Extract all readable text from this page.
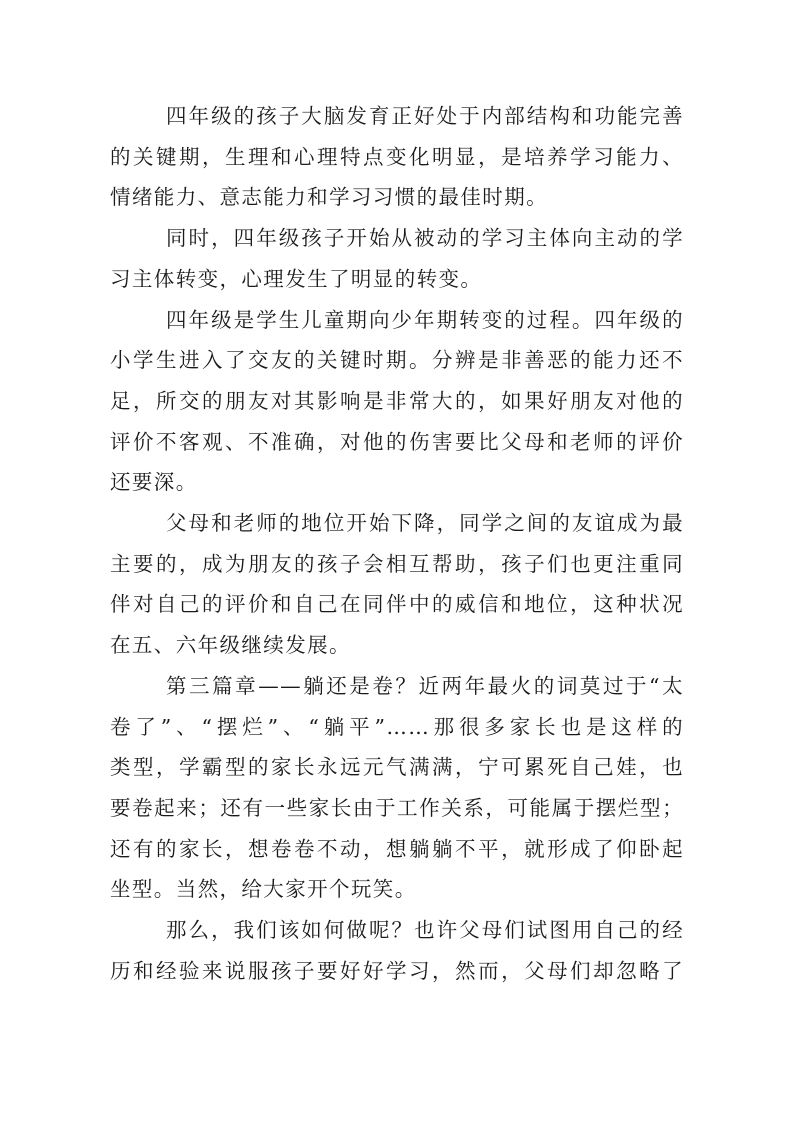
四年级的孩子大脑发育正好处于内部结构和功能完善
的关键期，生理和心理特点变化明显，是培养学习能力、
情绪能力、意志能力和学习习惯的最佳时期。
同时，四年级孩子开始从被动的学习主体向主动的学
习主体转变，心理发生了明显的转变。
四年级是学生儿童期向少年期转变的过程。四年级的
小学生进入了交友的关键时期。分辨是非善恶的能力还不
足，所交的朋友对其影响是非常大的，如果好朋友对他的
评价不客观、不准确，对他的伤害要比父母和老师的评价
还要深。
父母和老师的地位开始下降，同学之间的友谊成为最
主要的，成为朋友的孩子会相互帮助，孩子们也更注重同
伴对自己的评价和自己在同伴中的威信和地位，这种状况
在五、六年级继续发展。
第三篇章——躺还是卷？近两年最火的词莫过于“太
卷了”、“摆烂”、“躺平”……那很多家长也是这样的
类型，学霸型的家长永远元气满满，宁可累死自己娃，也
要卷起来；还有一些家长由于工作关系，可能属于摆烂型；
还有的家长，想卷卷不动，想躺躺不平，就形成了仰卧起
坐型。当然，给大家开个玩笑。
那么，我们该如何做呢？也许父母们试图用自己的经
历和经验来说服孩子要好好学习，然而，父母们却忽略了
